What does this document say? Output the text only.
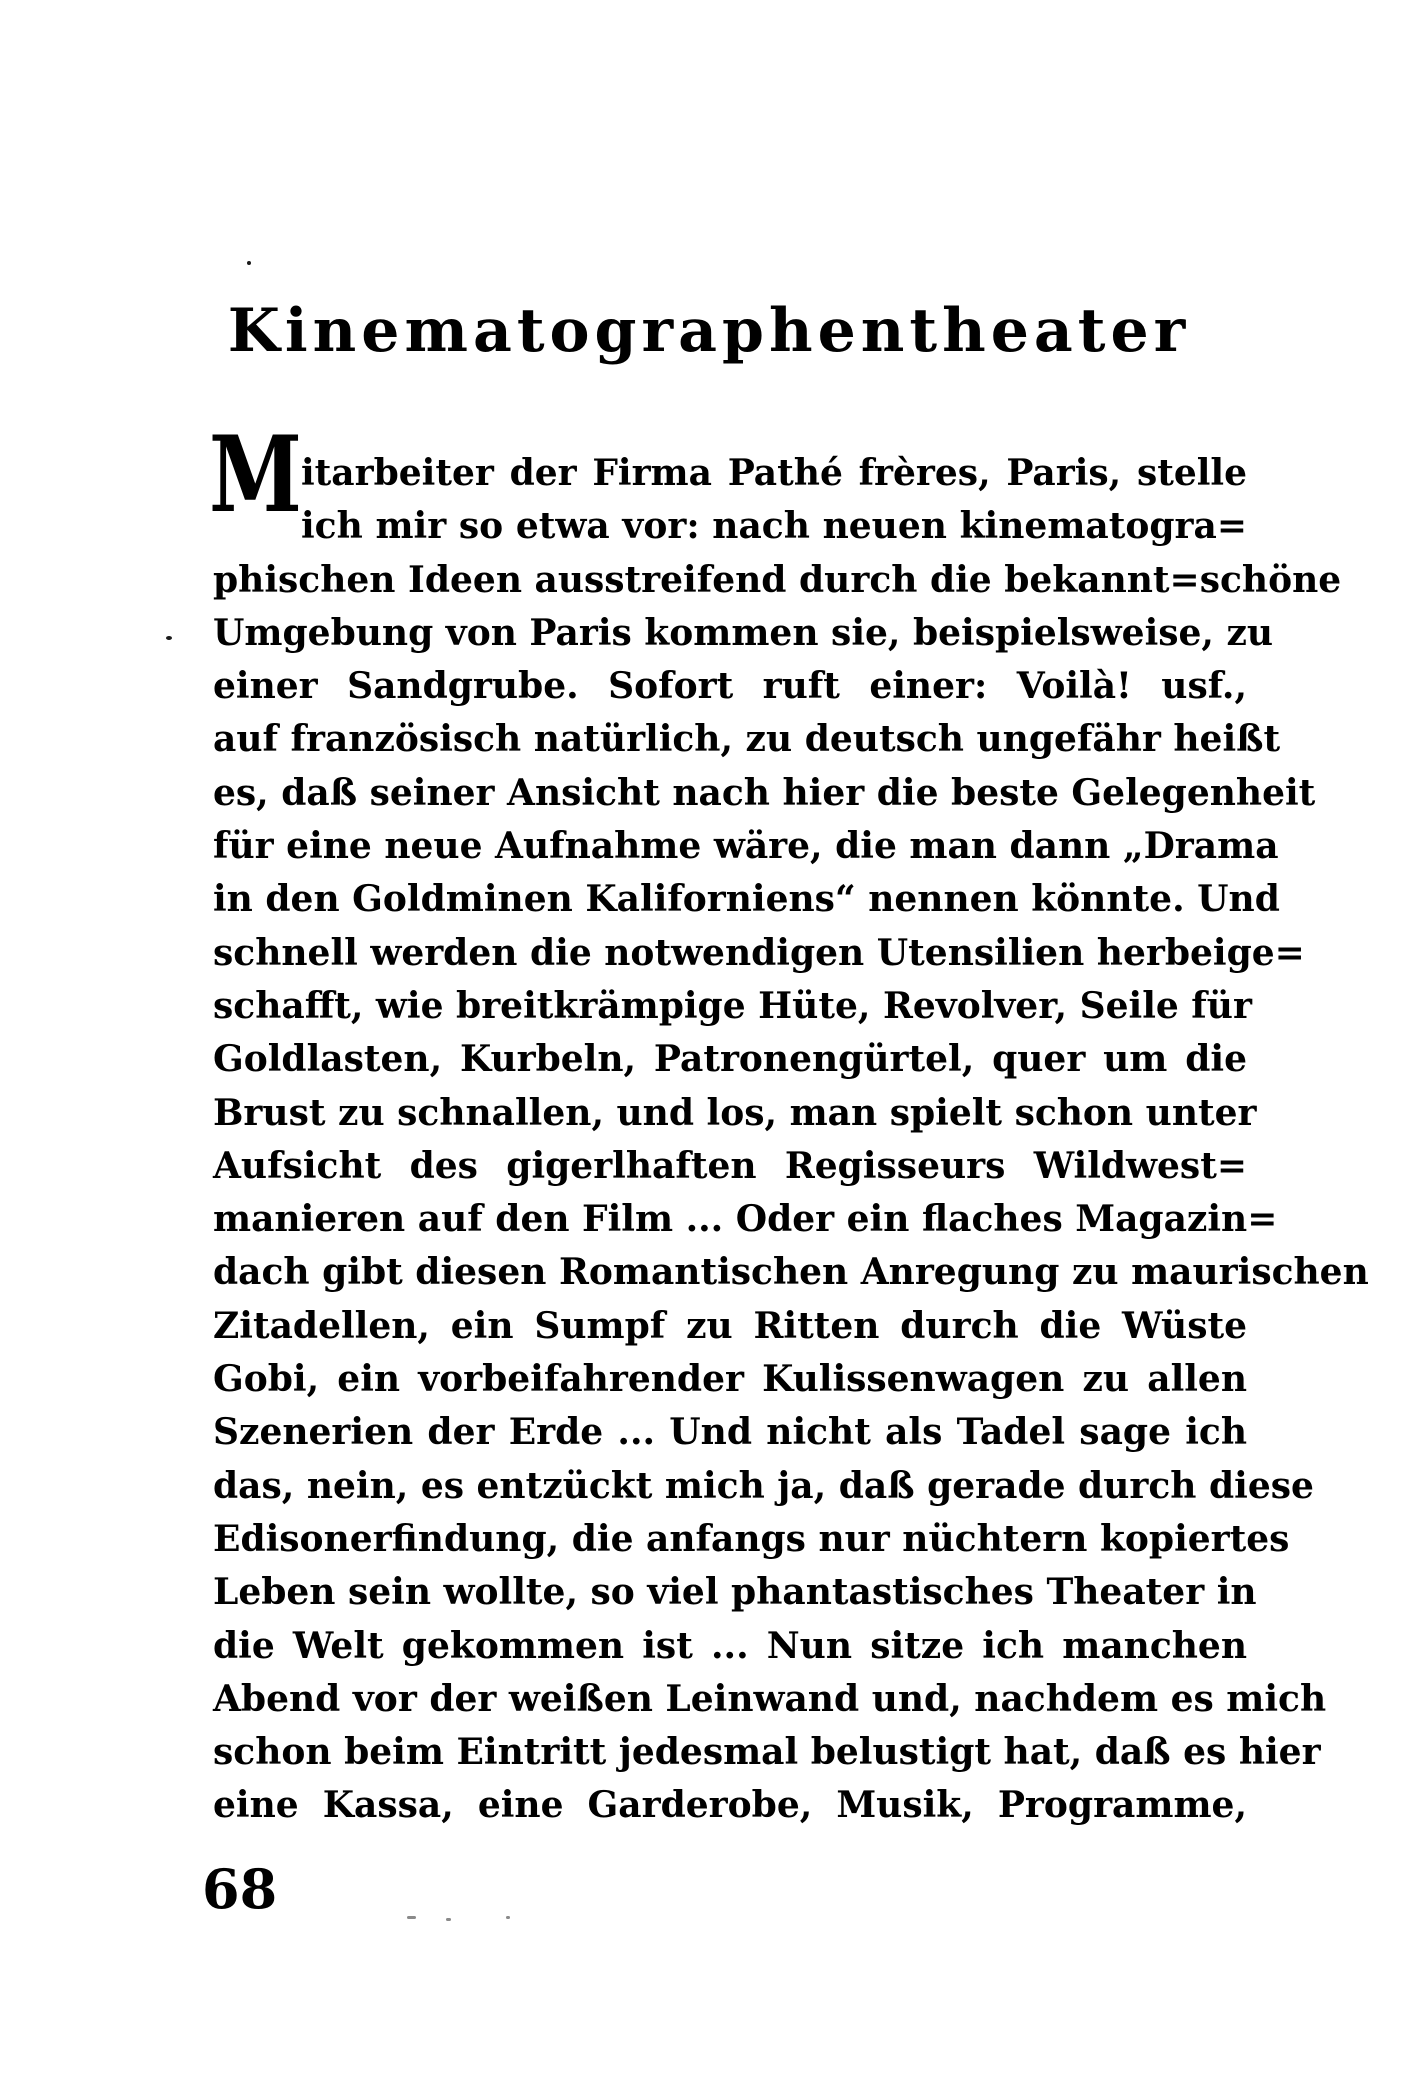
Kinematographentheater
M itarbeiter der Firma Pathé frères, Paris, stelle
ich mir so etwa vor: nach neuen kinematogra=
phischen Ideen ausstreifend durch die bekannt=schöne
Umgebung von Paris kommen sie, beispielsweise, zu
einer Sandgrube. Sofort ruft einer: Voilà! usf.,
auf französisch natürlich, zu deutsch ungefähr heißt
es, daß seiner Ansicht nach hier die beste Gelegenheit
für eine neue Aufnahme wäre, die man dann „Drama
in den Goldminen Kaliforniens“ nennen könnte. Und
schnell werden die notwendigen Utensilien herbeige=
schafft, wie breitkrämpige Hüte, Revolver, Seile für
Goldlasten, Kurbeln, Patronengürtel, quer um die
Brust zu schnallen, und los, man spielt schon unter
Aufsicht des gigerlhaften Regisseurs Wildwest=
manieren auf den Film ... Oder ein flaches Magazin=
dach gibt diesen Romantischen Anregung zu maurischen
Zitadellen, ein Sumpf zu Ritten durch die Wüste
Gobi, ein vorbeifahrender Kulissenwagen zu allen
Szenerien der Erde ... Und nicht als Tadel sage ich
das, nein, es entzückt mich ja, daß gerade durch diese
Edisonerfindung, die anfangs nur nüchtern kopiertes
Leben sein wollte, so viel phantastisches Theater in
die Welt gekommen ist ... Nun sitze ich manchen
Abend vor der weißen Leinwand und, nachdem es mich
schon beim Eintritt jedesmal belustigt hat, daß es hier
eine Kassa, eine Garderobe, Musik, Programme,
68
